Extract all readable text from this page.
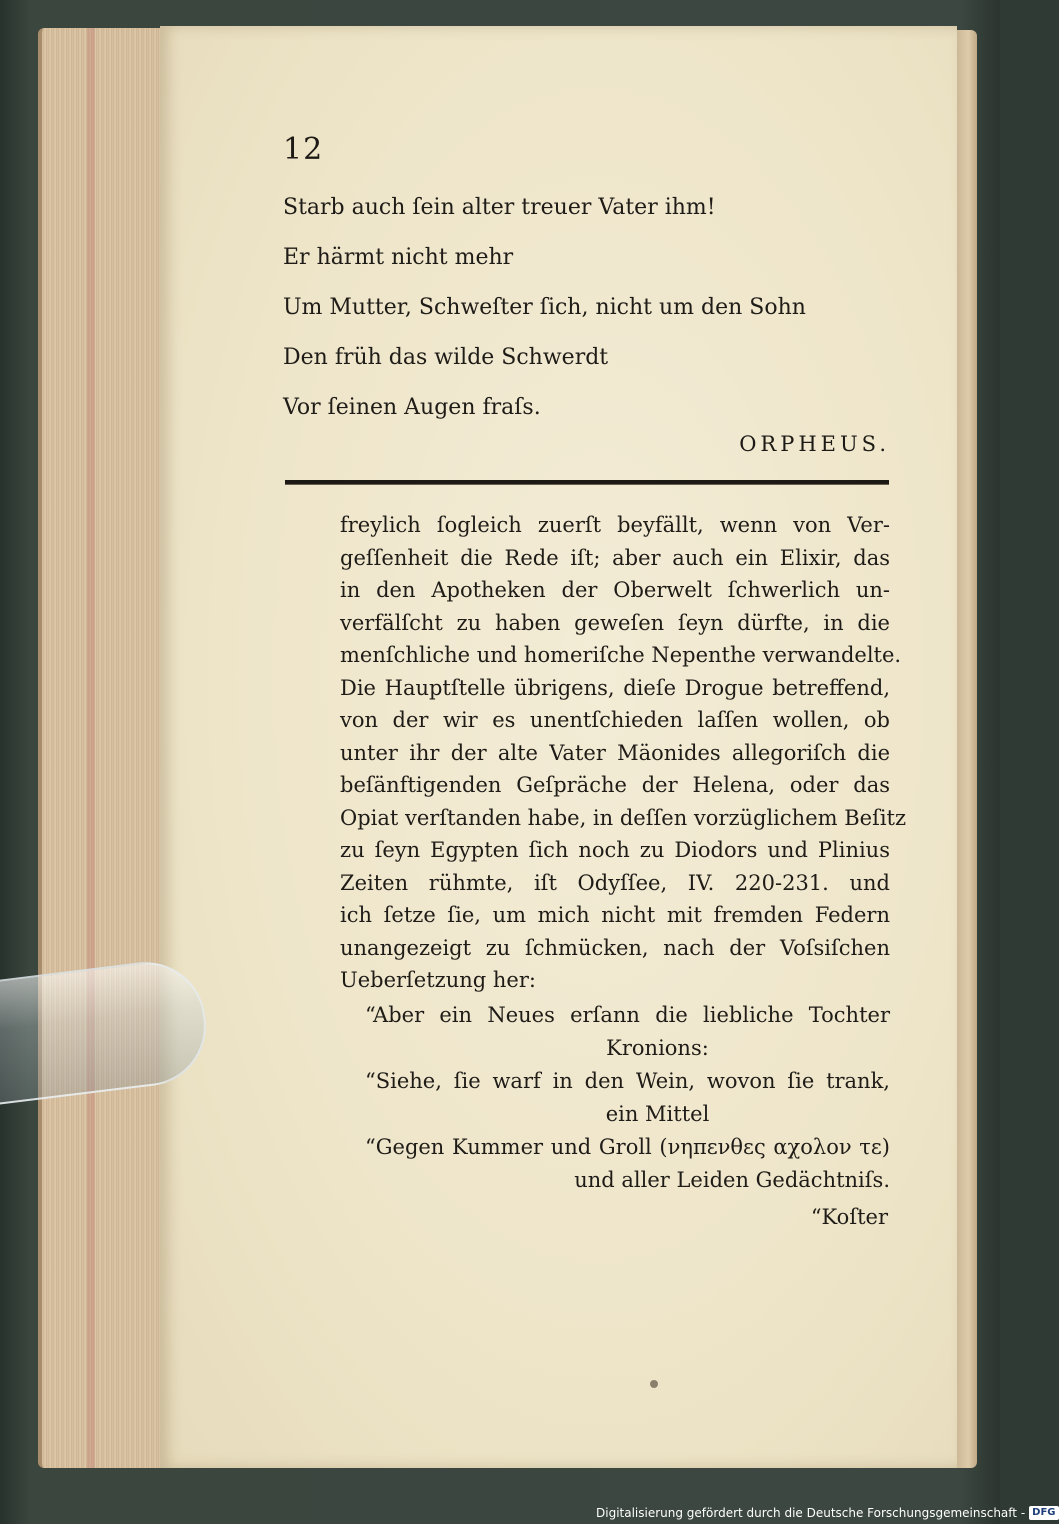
12
Starb auch ſein alter treuer Vater ihm!
Er härmt nicht mehr
Um Mutter, Schweſter ſich, nicht um den Sohn
Den früh das wilde Schwerdt
Vor ſeinen Augen fraſs.
ORPHEUS.
freylich ſogleich zuerſt beyfällt, wenn von Ver-
geſſenheit die Rede iſt; aber auch ein Elixir, das
in den Apotheken der Oberwelt ſchwerlich un-
verfälſcht zu haben geweſen ſeyn dürfte, in die
menſchliche und homeriſche Nepenthe verwandelte.
Die Hauptſtelle übrigens, dieſe Drogue betreffend,
von der wir es unentſchieden laſſen wollen, ob
unter ihr der alte Vater Mäonides allegoriſch die
beſänftigenden Geſpräche der Helena, oder das
Opiat verſtanden habe, in deſſen vorzüglichem Beſitz
zu ſeyn Egypten ſich noch zu Diodors und Plinius
Zeiten rühmte, iſt Odyſſee, IV. 220-231. und
ich ſetze ſie, um mich nicht mit fremden Federn
unangezeigt zu ſchmücken, nach der Voſsiſchen
Ueberſetzung her:
“Aber ein Neues erſann die liebliche Tochter
Kronions:
“Siehe, ſie warf in den Wein, wovon ſie trank,
ein Mittel
“Gegen Kummer und Groll (νηπενθες αχολον τε)
und aller Leiden Gedächtniſs.
“Koſter
Digitalisierung gefördert durch die Deutsche Forschungsgemeinschaft - DFG
